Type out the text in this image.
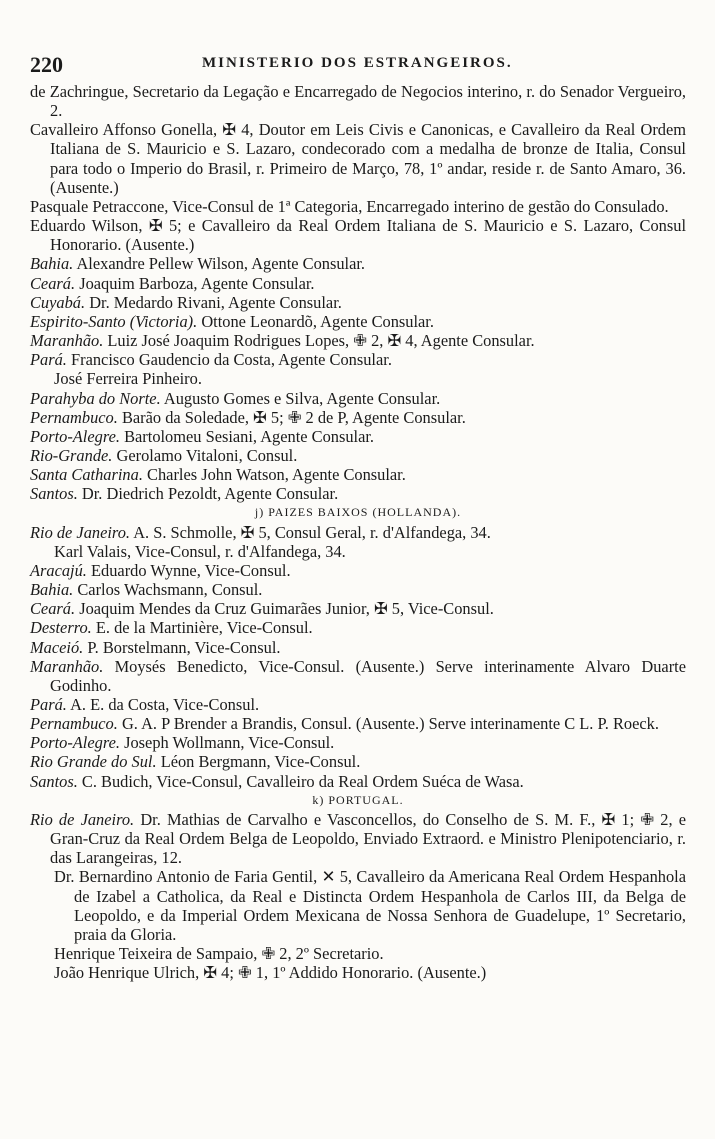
220	MINISTERIO DOS ESTRANGEIROS.

de Zachringue, Secretario da Legação e Encarregado de Negocios interino, r. do Senador Vergueiro, 2.

Cavalleiro Affonso Gonella, ✠ 4, Doutor em Leis Civis e Canonicas, e Cavalleiro da Real Ordem Italiana de S. Mauricio e S. Lazaro, condecorado com a medalha de bronze de Italia, Consul para todo o Imperio do Brasil, r. Primeiro de Março, 78, 1º andar, reside r. de Santo Amaro, 36. (Ausente.)

Pasquale Petraccone, Vice-Consul de 1ª Categoria, Encarregado interino de gestão do Consulado.

Eduardo Wilson, ✠ 5; e Cavalleiro da Real Ordem Italiana de S. Mauricio e S. Lazaro, Consul Honorario. (Ausente.)

Bahia. Alexandre Pellew Wilson, Agente Consular.

Ceará. Joaquim Barboza, Agente Consular.

Cuyabá. Dr. Medardo Rivani, Agente Consular.

Espirito-Santo (Victoria). Ottone Leonardõ, Agente Consular.

Maranhão. Luiz José Joaquim Rodrigues Lopes, ✙ 2, ✠ 4, Agente Consular.

Pará. Francisco Gaudencio da Costa, Agente Consular.

José Ferreira Pinheiro.

Parahyba do Norte. Augusto Gomes e Silva, Agente Consular.

Pernambuco. Barão da Soledade, ✠ 5; ✙ 2 de P, Agente Consular.

Porto-Alegre. Bartolomeu Sesiani, Agente Consular.

Rio-Grande. Gerolamo Vitaloni, Consul.

Santa Catharina. Charles John Watson, Agente Consular.

Santos. Dr. Diedrich Pezoldt, Agente Consular.

j) PAIZES BAIXOS (HOLLANDA).

Rio de Janeiro. A. S. Schmolle, ✠ 5, Consul Geral, r. d'Alfandega, 34.

Karl Valais, Vice-Consul, r. d'Alfandega, 34.

Aracajú. Eduardo Wynne, Vice-Consul.

Bahia. Carlos Wachsmann, Consul.

Ceará. Joaquim Mendes da Cruz Guimarães Junior, ✠ 5, Vice-Consul.

Desterro. E. de la Martinière, Vice-Consul.

Maceió. P. Borstelmann, Vice-Consul.

Maranhão. Moysés Benedicto, Vice-Consul. (Ausente.) Serve interinamente Alvaro Duarte Godinho.

Pará. A. E. da Costa, Vice-Consul.

Pernambuco. G. A. P Brender a Brandis, Consul. (Ausente.) Serve interinamente C L. P. Roeck.

Porto-Alegre. Joseph Wollmann, Vice-Consul.

Rio Grande do Sul. Léon Bergmann, Vice-Consul.

Santos. C. Budich, Vice-Consul, Cavalleiro da Real Ordem Suéca de Wasa.

k) PORTUGAL.

Rio de Janeiro. Dr. Mathias de Carvalho e Vasconcellos, do Conselho de S. M. F., ✠ 1; ✙ 2, e Gran-Cruz da Real Ordem Belga de Leopoldo, Enviado Extraord. e Ministro Plenipotenciario, r. das Larangeiras, 12.

Dr. Bernardino Antonio de Faria Gentil, ✕ 5, Cavalleiro da Americana Real Ordem Hespanhola de Izabel a Catholica, da Real e Distincta Ordem Hespanhola de Carlos III, da Belga de Leopoldo, e da Imperial Ordem Mexicana de Nossa Senhora de Guadelupe, 1º Secretario, praia da Gloria.

Henrique Teixeira de Sampaio, ✙ 2, 2º Secretario.

João Henrique Ulrich, ✠ 4; ✙ 1, 1º Addido Honorario. (Ausente.)
